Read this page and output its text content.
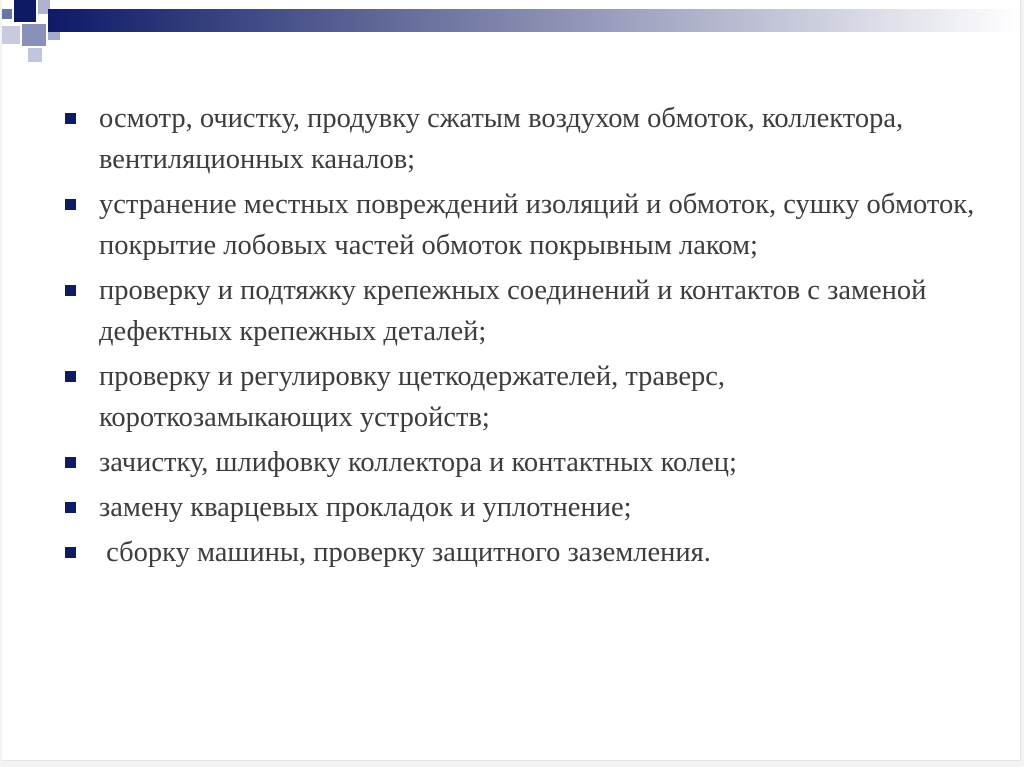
осмотр, очистку, продувку сжатым воздухом обмоток, коллектора, вентиляционных каналов;
устранение местных повреждений изоляций и обмоток, сушку обмоток, покрытие лобовых частей обмоток покрывным лаком;
проверку и подтяжку крепежных соединений и контактов с заменой дефектных крепежных деталей;
проверку и регулировку щеткодержателей, траверс, короткозамыкающих устройств;
зачистку, шлифовку коллектора и контактных колец;
замену кварцевых прокладок и уплотнение;
сборку машины, проверку защитного заземления.
